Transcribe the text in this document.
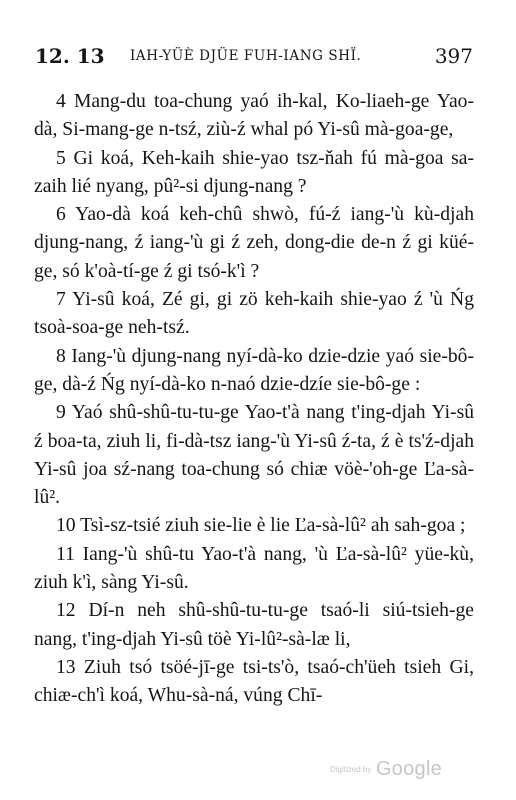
12. 13 IAH-YÜÈ DJÜE FUH-IANG SHÏ.	397

4 Mang-du toa-chung yaó ih-kal, Ko-liaeh-ge Yao-dà, Si-mang-ge n-tsź, ziù-ź whal pó Yi-sû mà-goa-ge,

5 Gi koá, Keh-kaih shie-yao tsz-ňah fú mà-goa sa-zaih lié nyang, pû²-si djung-nang ?

6 Yao-dà koá keh-chû shwò, fú-ź iang-'ù kù-djah djung-nang, ź iang-'ù gi ź zeh, dong-die de-n ź gi küé-ge, só k'oà-tí-ge ź gi tsó-k'ì ?

7 Yi-sû koá, Zé gi, gi zö keh-kaih shie-yao ź 'ù Ńg tsoà-soa-ge neh-tsź.

8 Iang-'ù djung-nang nyí-dà-ko dzie-dzie yaó sie-bô-ge, dà-ź Ńg nyí-dà-ko n-naó dzie-dzíe sie-bô-ge :

9 Yaó shû-shû-tu-tu-ge Yao-t'à nang t'ing-djah Yi-sû ź boa-ta, ziuh li, fi-dà-tsz iang-'ù Yi-sû ź-ta, ź è ts'ź-djah Yi-sû joa sź-nang toa-chung só chiæ vöè-'oh-ge Ľa-sà-lû².

10 Tsì-sz-tsié ziuh sie-lie è lie Ľa-sà-lû² ah sah-goa ;

11 Iang-'ù shû-tu Yao-t'à nang, 'ù Ľa-sà-lû² yüe-kù, ziuh k'ì, sàng Yi-sû.

12 Dí-n neh shû-shû-tu-tu-ge tsaó-li siú-tsieh-ge nang, t'ing-djah Yi-sû töè Yi-lû²-sà-læ li,

13 Ziuh tsó tsöé-jī-ge tsi-ts'ò, tsaó-ch'üeh tsieh Gi, chiæ-ch'ì koá, Whu-sà-ná, vúng Chī-

Digitized by Google
